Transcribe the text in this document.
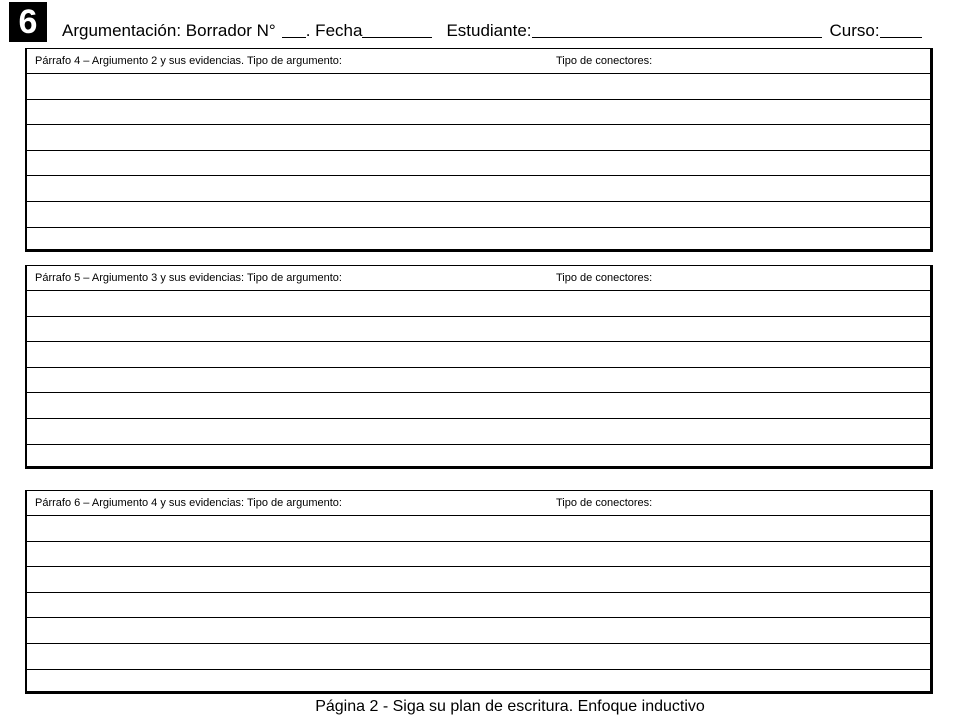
6	Argumentación: Borrador N° . Fecha	Estudiante:	Curso:
Párrafo 4 – Argiumento 2 y sus evidencias. Tipo de argumento:	Tipo de conectores:
Párrafo 5 – Argiumento 3 y sus evidencias: Tipo de argumento:	Tipo de conectores:
Párrafo 6 – Argiumento 4 y sus evidencias: Tipo de argumento:	Tipo de conectores:
Página 2 - Siga su plan de escritura. Enfoque inductivo
